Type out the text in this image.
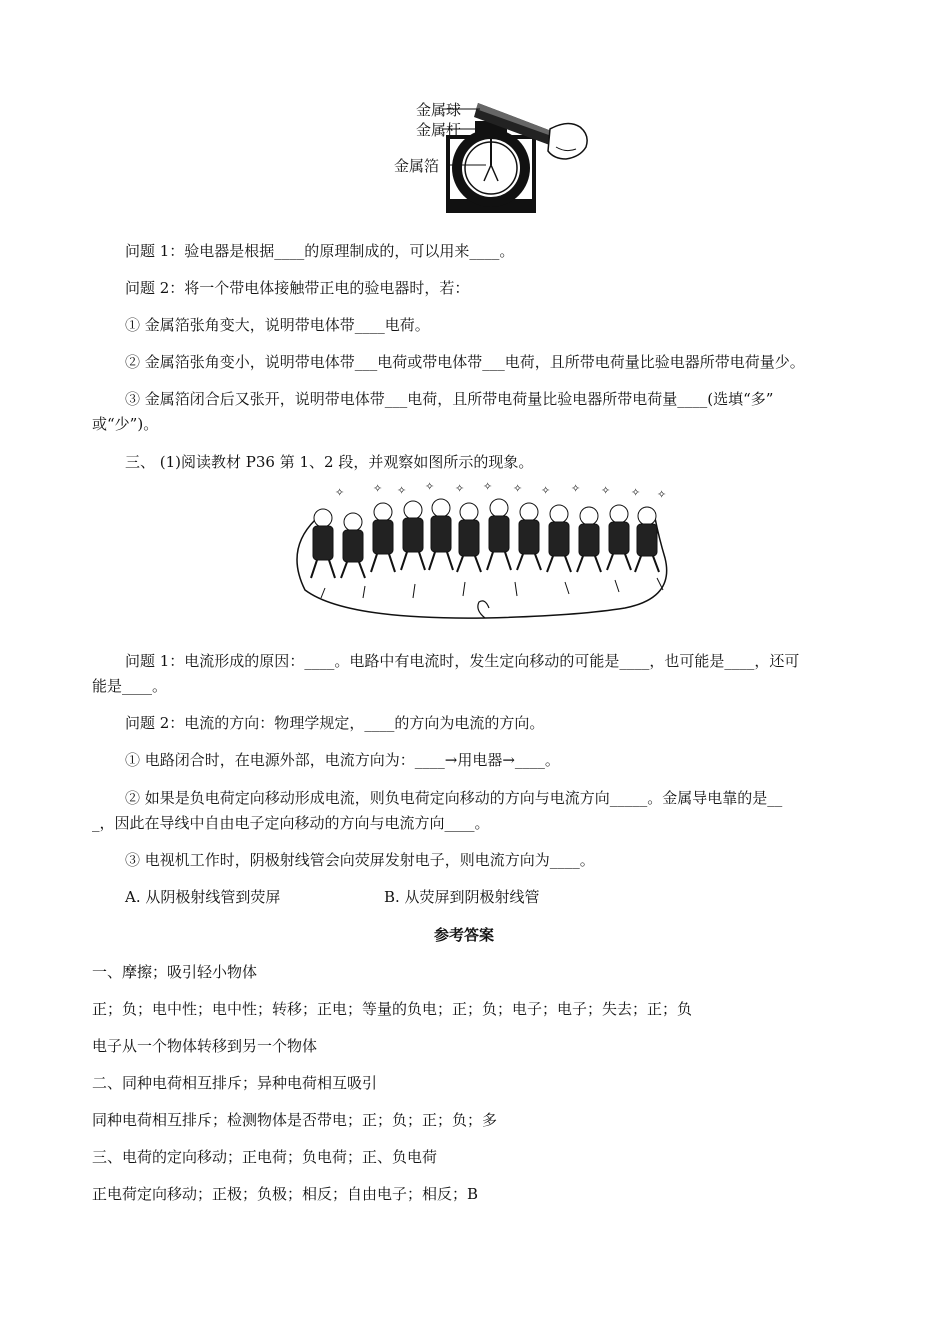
金属球
金属杆
金属箔
问题 1：验电器是根据____的原理制成的，可以用来____。
问题 2：将一个带电体接触带正电的验电器时，若：
① 金属箔张角变大，说明带电体带____电荷。
② 金属箔张角变小，说明带电体带___电荷或带电体带___电荷，且所带电荷量比验电器所带电荷量少。
③ 金属箔闭合后又张开，说明带电体带___电荷，且所带电荷量比验电器所带电荷量____(选填“多”
或“少”)。
三、 (1)阅读教材 P36 第 1、2 段，并观察如图所示的现象。
✧	✧ ✧ ✧ ✧ ✧ ✧ ✧ ✧ ✧ ✧ ✧
问题 1：电流形成的原因：____。电路中有电流时，发生定向移动的可能是____，也可能是____，还可
能是____。
问题 2：电流的方向：物理学规定，____的方向为电流的方向。
① 电路闭合时，在电源外部，电流方向为：____→用电器→____。
② 如果是负电荷定向移动形成电流，则负电荷定向移动的方向与电流方向_____。金属导电靠的是__
_，因此在导线中自由电子定向移动的方向与电流方向____。
③ 电视机工作时，阴极射线管会向荧屏发射电子，则电流方向为____。
A. 从阴极射线管到荧屏	B. 从荧屏到阴极射线管
参考答案
一、摩擦；吸引轻小物体
正；负；电中性；电中性；转移；正电；等量的负电；正；负；电子；电子；失去；正；负
电子从一个物体转移到另一个物体
二、同种电荷相互排斥；异种电荷相互吸引
同种电荷相互排斥；检测物体是否带电；正；负；正；负；多
三、电荷的定向移动；正电荷；负电荷；正、负电荷
正电荷定向移动；正极；负极；相反；自由电子；相反；B
